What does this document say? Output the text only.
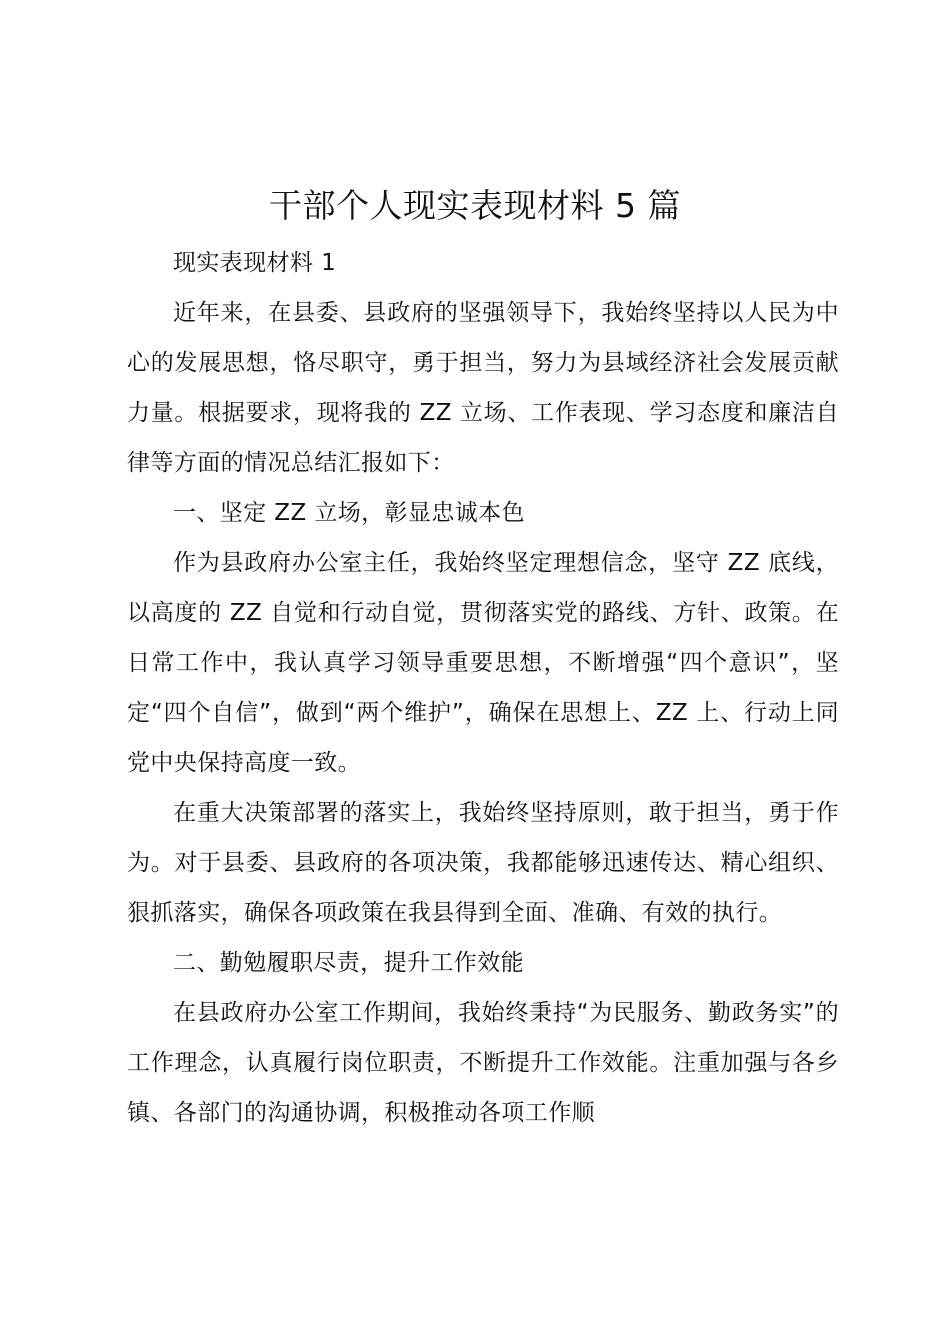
干部个人现实表现材料 5 篇

现实表现材料 1

近年来，在县委、县政府的坚强领导下，我始终坚持以人民为中心的发展思想，恪尽职守，勇于担当，努力为县域经济社会发展贡献力量。根据要求，现将我的 ZZ 立场、工作表现、学习态度和廉洁自律等方面的情况总结汇报如下：

一、坚定 ZZ 立场，彰显忠诚本色

作为县政府办公室主任，我始终坚定理想信念，坚守 ZZ 底线，以高度的 ZZ 自觉和行动自觉，贯彻落实党的路线、方针、政策。在日常工作中，我认真学习领导重要思想，不断增强“四个意识”，坚定“四个自信”，做到“两个维护”，确保在思想上、ZZ 上、行动上同党中央保持高度一致。

在重大决策部署的落实上，我始终坚持原则，敢于担当，勇于作为。对于县委、县政府的各项决策，我都能够迅速传达、精心组织、狠抓落实，确保各项政策在我县得到全面、准确、有效的执行。

二、勤勉履职尽责，提升工作效能

在县政府办公室工作期间，我始终秉持“为民服务、勤政务实”的工作理念，认真履行岗位职责，不断提升工作效能。注重加强与各乡镇、各部门的沟通协调，积极推动各项工作顺
